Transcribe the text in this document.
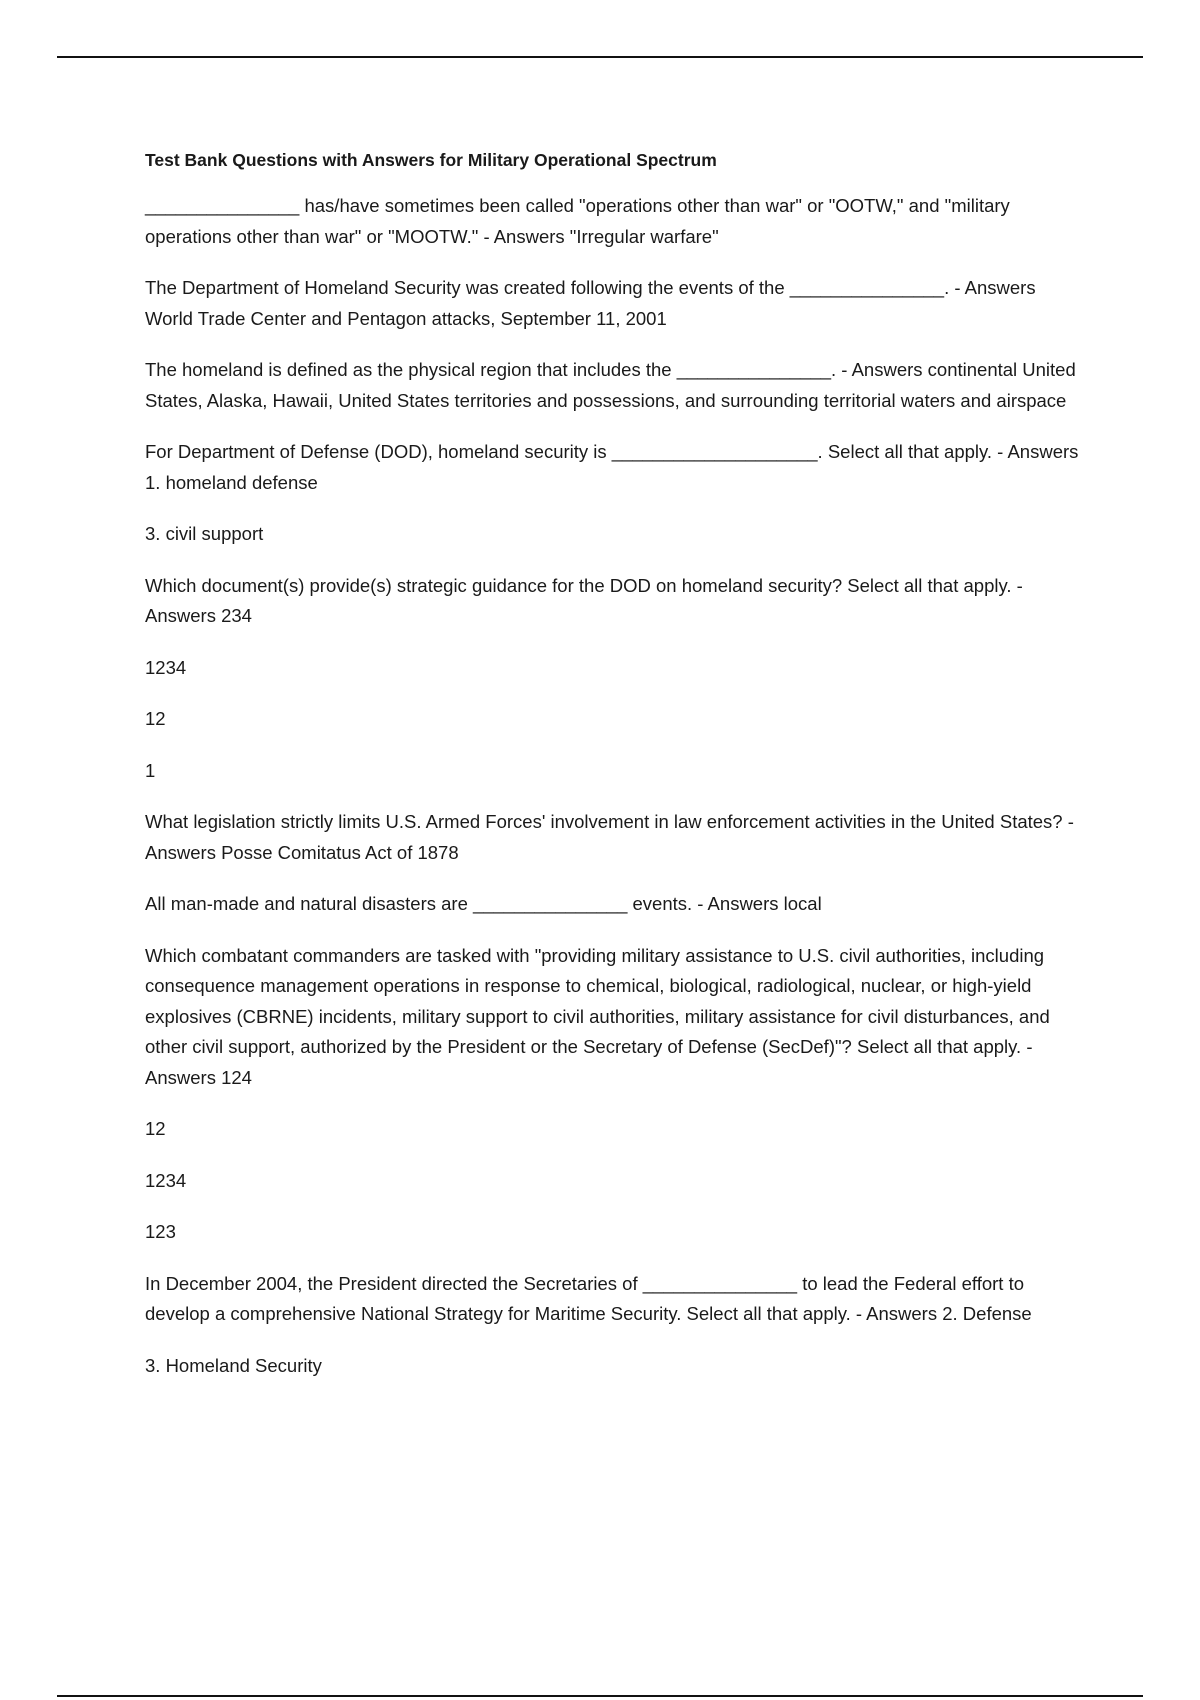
Test Bank Questions with Answers for Military Operational Spectrum

_______________ has/have sometimes been called "operations other than war" or "OOTW," and "military operations other than war" or "MOOTW." - Answers "Irregular warfare"

The Department of Homeland Security was created following the events of the _______________. - Answers World Trade Center and Pentagon attacks, September 11, 2001

The homeland is defined as the physical region that includes the _______________. - Answers continental United States, Alaska, Hawaii, United States territories and possessions, and surrounding territorial waters and airspace

For Department of Defense (DOD), homeland security is ____________________. Select all that apply. - Answers 1. homeland defense

3. civil support

Which document(s) provide(s) strategic guidance for the DOD on homeland security? Select all that apply. - Answers 234

1234

12

1

What legislation strictly limits U.S. Armed Forces' involvement in law enforcement activities in the United States? - Answers Posse Comitatus Act of 1878

All man-made and natural disasters are _______________ events. - Answers local

Which combatant commanders are tasked with "providing military assistance to U.S. civil authorities, including consequence management operations in response to chemical, biological, radiological, nuclear, or high-yield explosives (CBRNE) incidents, military support to civil authorities, military assistance for civil disturbances, and other civil support, authorized by the President or the Secretary of Defense (SecDef)"? Select all that apply. - Answers 124

12

1234

123

In December 2004, the President directed the Secretaries of _______________ to lead the Federal effort to develop a comprehensive National Strategy for Maritime Security. Select all that apply. - Answers 2. Defense

3. Homeland Security
